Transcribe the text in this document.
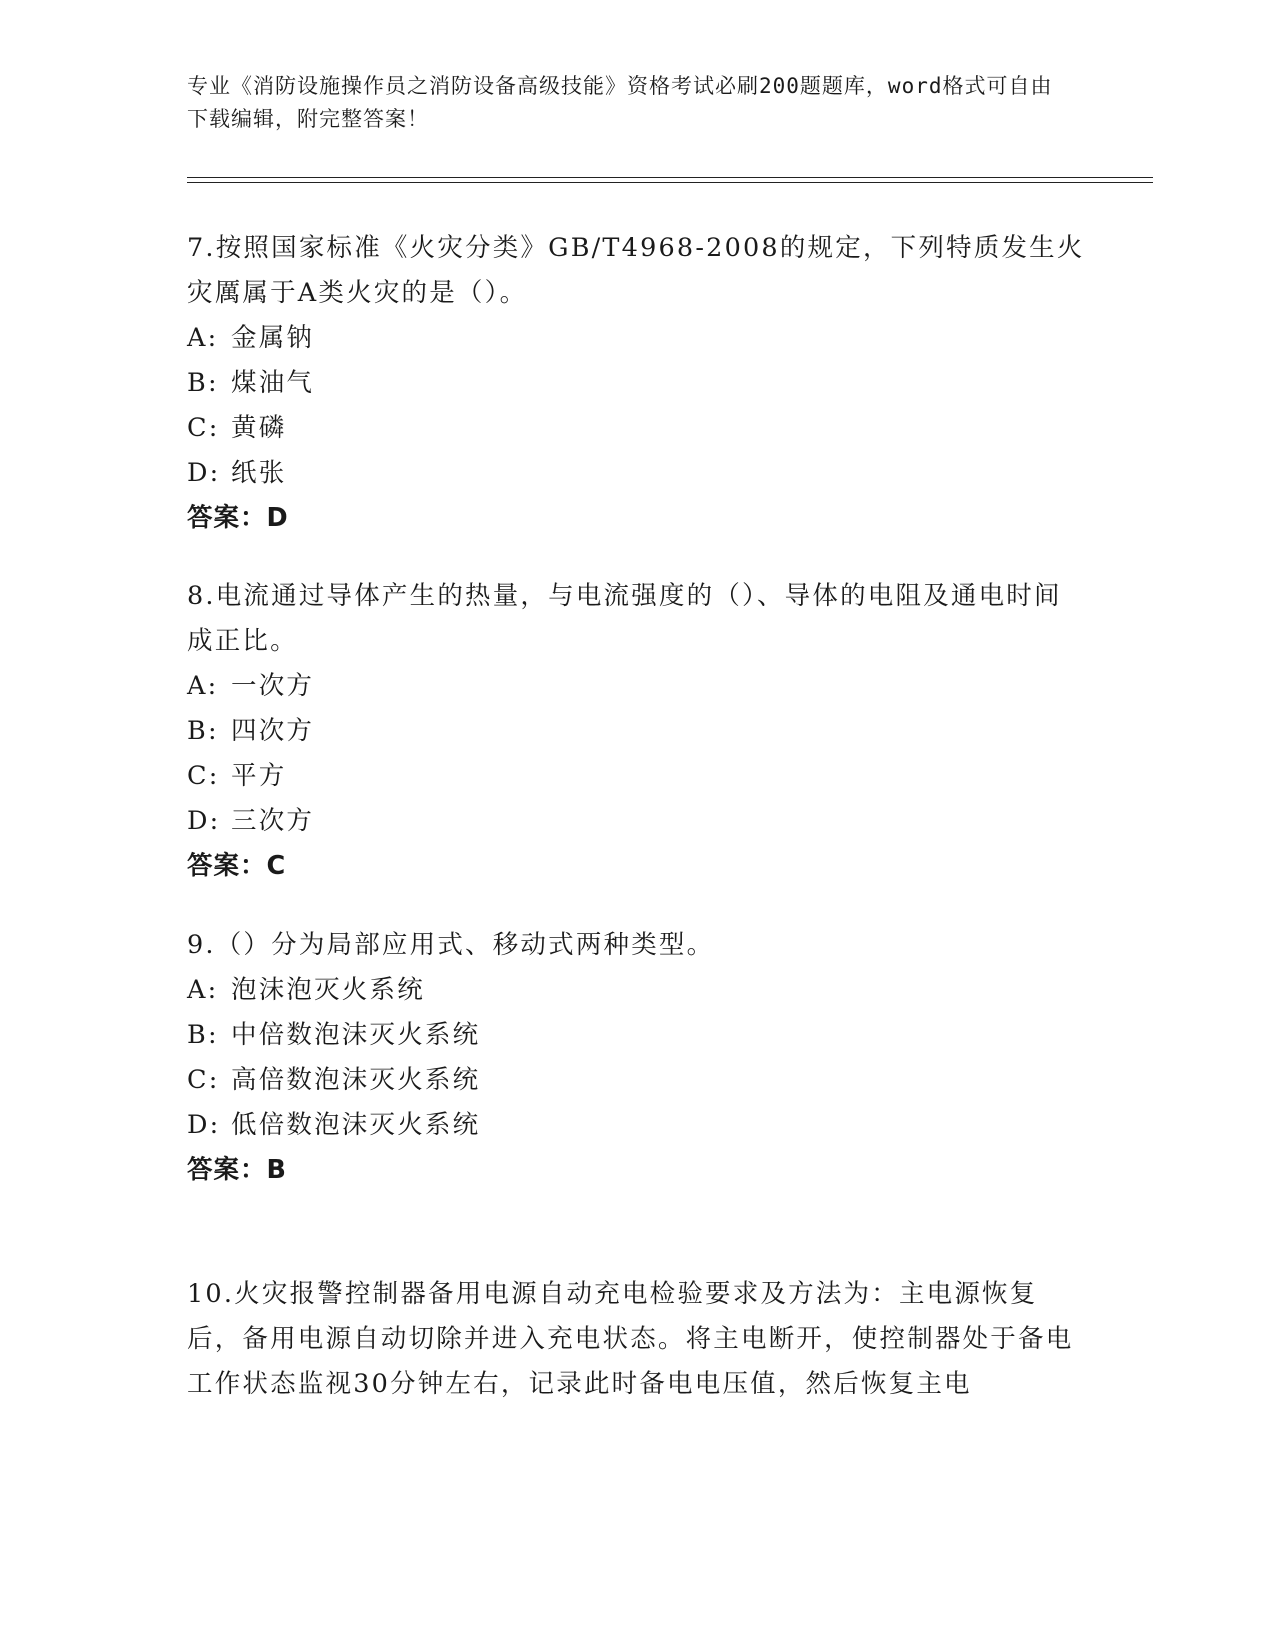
专业《消防设施操作员之消防设备高级技能》资格考试必刷200题题库，word格式可自由下载编辑，附完整答案！
7.按照国家标准《火灾分类》GB/T4968-2008的规定，下列特质发生火灾厲属于A类火灾的是（）。
A: 金属钠
B: 煤油气
C: 黄磷
D: 纸张
答案：D
8.电流通过导体产生的热量，与电流强度的（）、导体的电阻及通电时间成正比。
A: 一次方
B: 四次方
C: 平方
D: 三次方
答案：C
9.（）分为局部应用式、移动式两种类型。
A: 泡沫泡灭火系统
B: 中倍数泡沫灭火系统
C: 高倍数泡沫灭火系统
D: 低倍数泡沫灭火系统
答案：B
10.火灾报警控制器备用电源自动充电检验要求及方法为：主电源恢复后，备用电源自动切除并进入充电状态。将主电断开，使控制器处于备电工作状态监视30分钟左右，记录此时备电电压值，然后恢复主电
